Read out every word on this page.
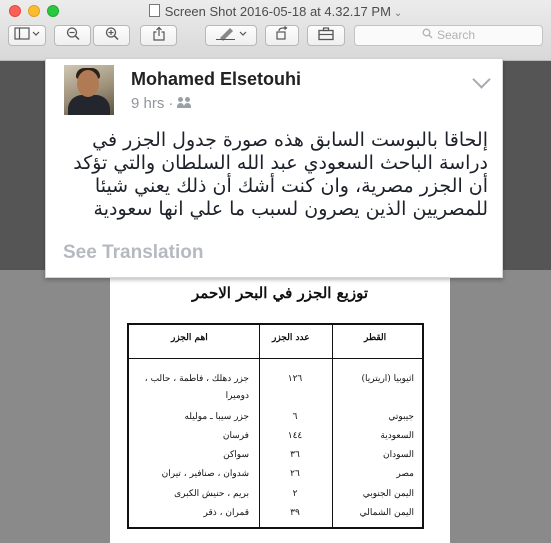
توزيع الجزر في البحر الاحمر
القطر
عدد الجزر
اهم الجزر
اثيوبيا (اريتريا)
١٢٦
جزر دهلك ، فاطمة ، حالب ،
دوميرا
جيبوتي
٦
جزر سيبا ـ موليله
السعودية
١٤٤
فرسان
السودان
٣٦
سواكن
مصر
٢٦
شدوان ، صنافير ، تيران
اليمن الجنوبي
٢
بريم ، حنيش الكبرى
اليمن الشمالي
٣٩
قمران ، ذقر
Screen Shot 2016-05-18 at 4.32.17 PM ⌄
Search
Mohamed Elsetouhi
9 hrs ·
إلحاقا بالبوست السابق هذه صورة جدول الجزر في
دراسة الباحث السعودي عبد الله السلطان والتي تؤكد
أن الجزر مصرية، وان كنت أشك أن ذلك يعني شيئا
للمصريين الذين يصرون لسبب ما علي انها سعودية
See Translation
